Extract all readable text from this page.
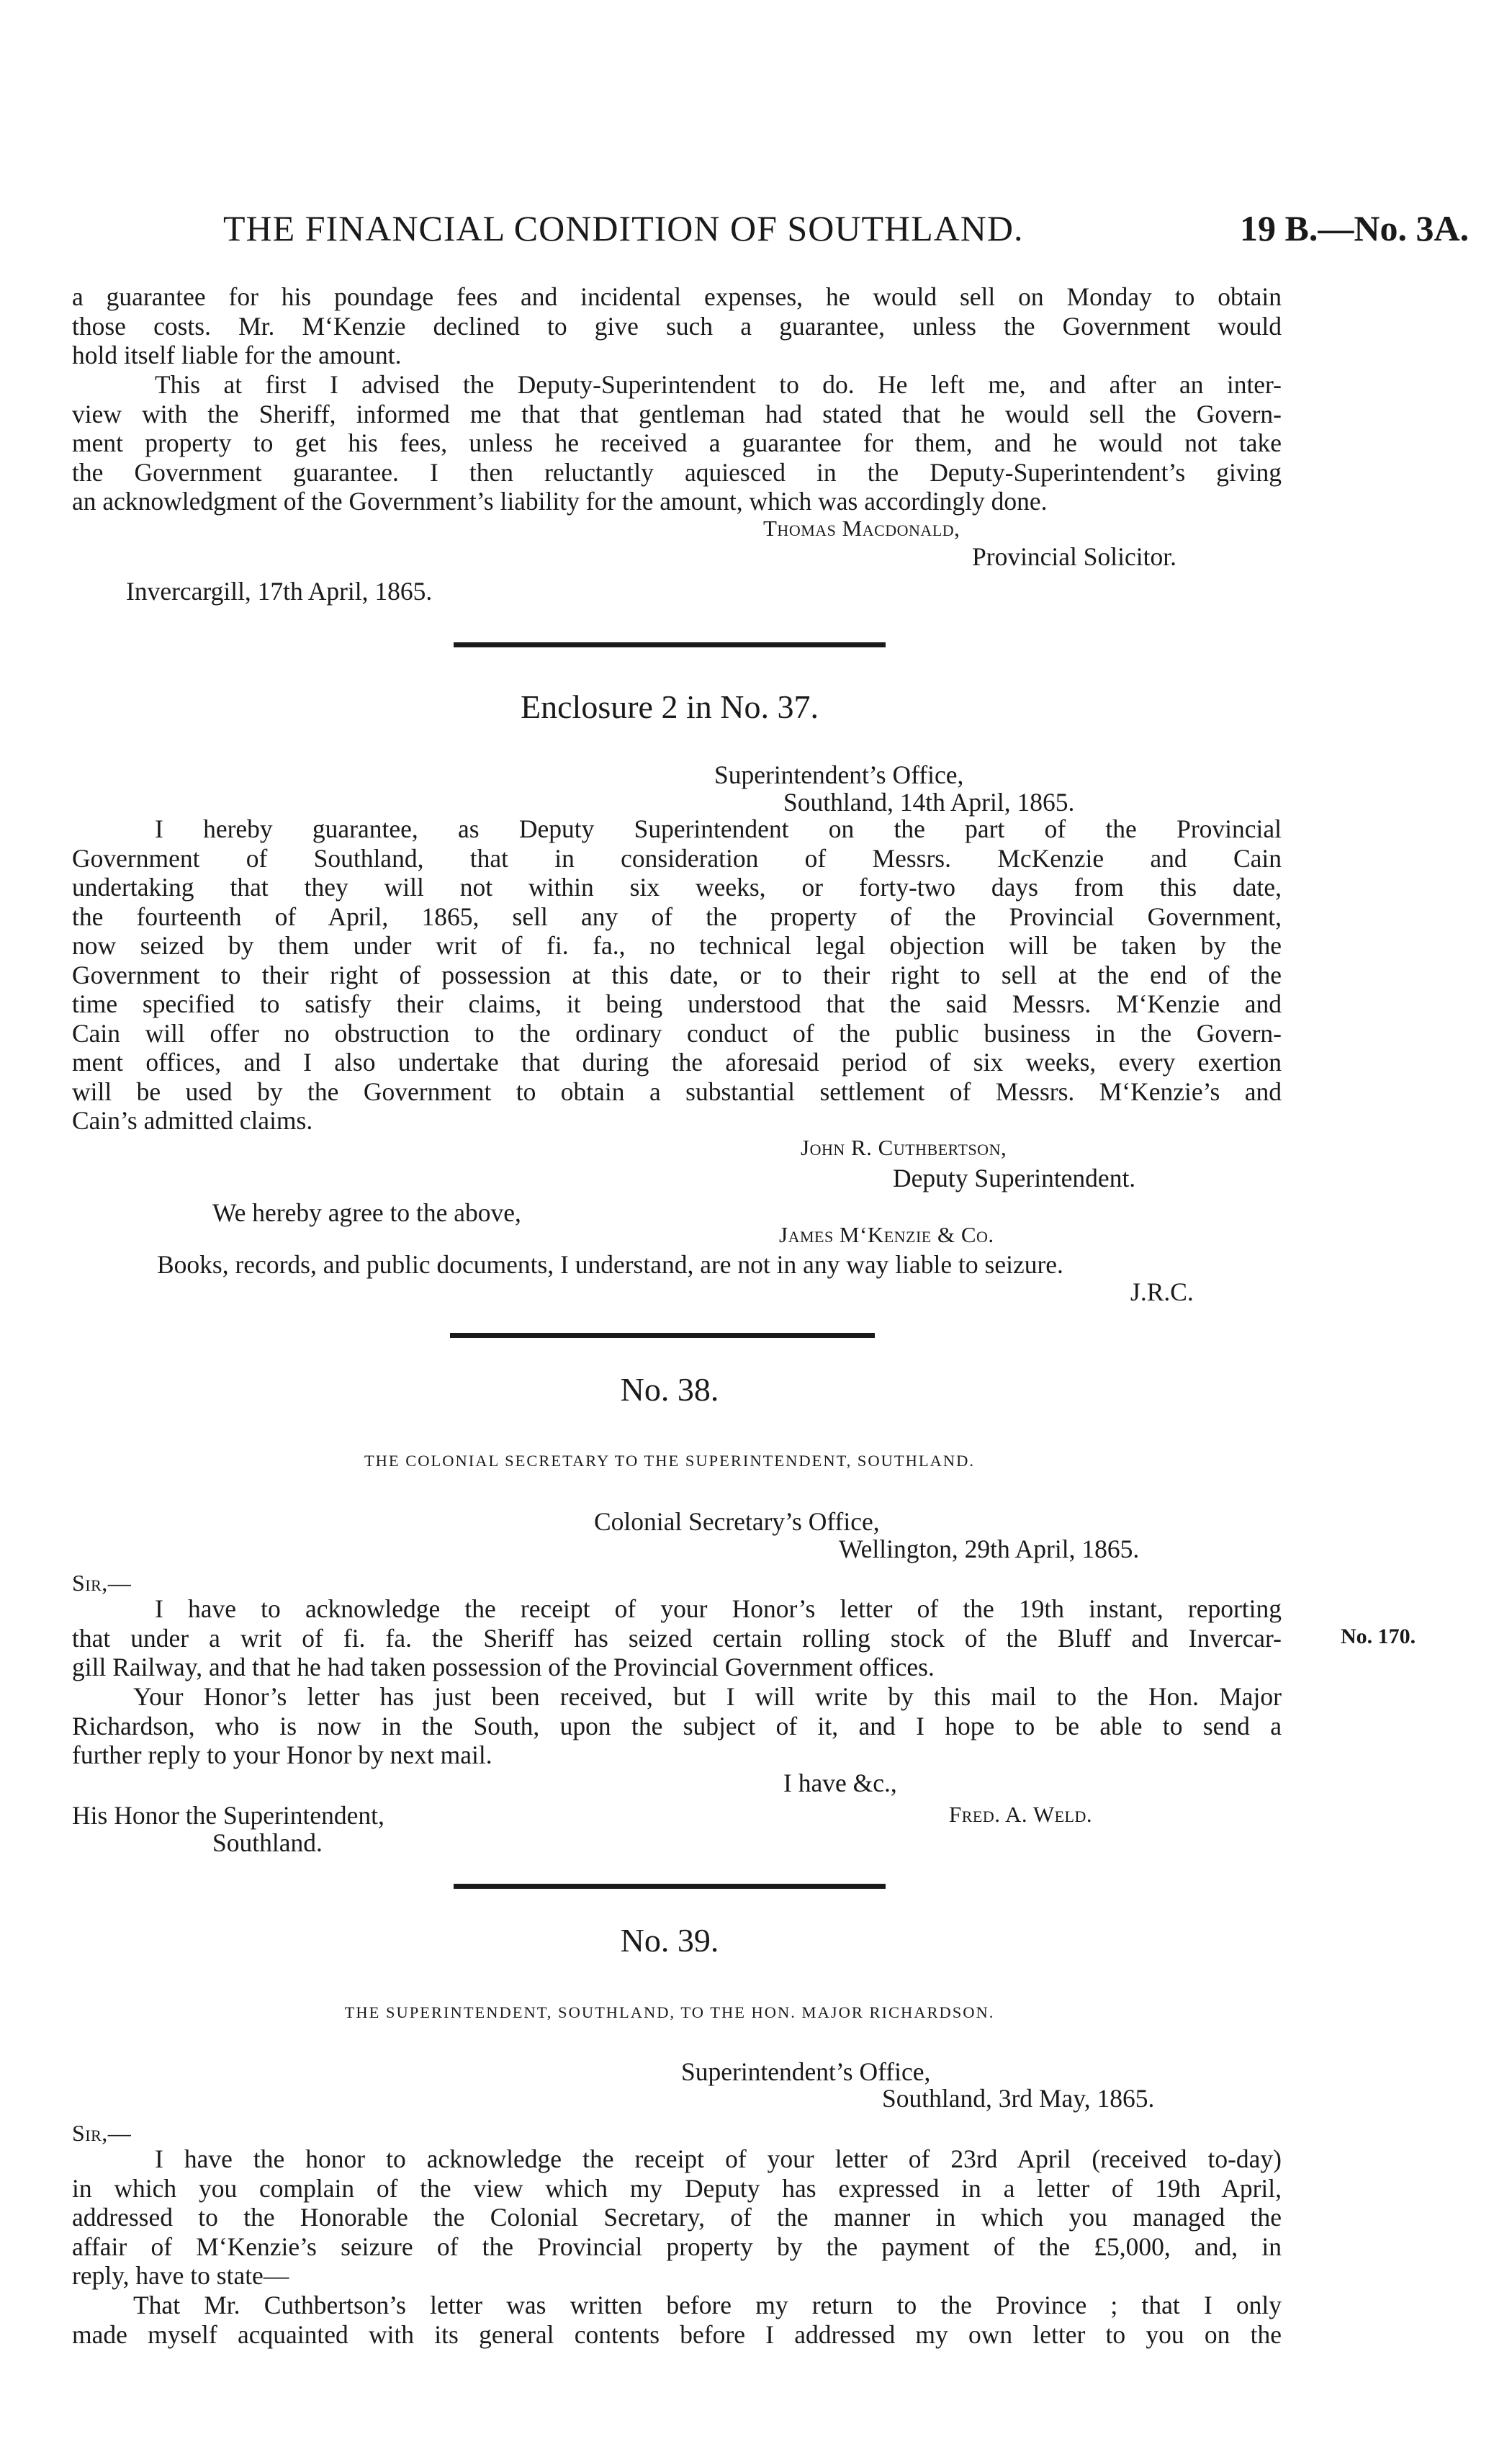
THE FINANCIAL CONDITION OF SOUTHLAND.	19 B.—No. 3A.
a guarantee for his poundage fees and incidental expenses, he would sell on Monday to obtain
those costs. Mr. M‘Kenzie declined to give such a guarantee, unless the Government would
hold itself liable for the amount.
This at first I advised the Deputy-Superintendent to do. He left me, and after an inter-
view with the Sheriff, informed me that that gentleman had stated that he would sell the Govern-
ment property to get his fees, unless he received a guarantee for them, and he would not take
the Government guarantee. I then reluctantly aquiesced in the Deputy-Superintendent’s giving
an acknowledgment of the Government’s liability for the amount, which was accordingly done.
Thomas Macdonald,
Provincial Solicitor.
Invercargill, 17th April, 1865.
Enclosure 2 in No. 37.
Superintendent’s Office,
Southland, 14th April, 1865.
I hereby guarantee, as Deputy Superintendent on the part of the Provincial
Government of Southland, that in consideration of Messrs. McKenzie and Cain
undertaking that they will not within six weeks, or forty-two days from this date,
the fourteenth of April, 1865, sell any of the property of the Provincial Government,
now seized by them under writ of fi. fa., no technical legal objection will be taken by the
Government to their right of possession at this date, or to their right to sell at the end of the
time specified to satisfy their claims, it being understood that the said Messrs. M‘Kenzie and
Cain will offer no obstruction to the ordinary conduct of the public business in the Govern-
ment offices, and I also undertake that during the aforesaid period of six weeks, every exertion
will be used by the Government to obtain a substantial settlement of Messrs. M‘Kenzie’s and
Cain’s admitted claims.
John R. Cuthbertson,
Deputy Superintendent.
We hereby agree to the above,
James M‘Kenzie & Co.
Books, records, and public documents, I understand, are not in any way liable to seizure.
J.R.C.
No. 38.
THE COLONIAL SECRETARY TO THE SUPERINTENDENT, SOUTHLAND.
Colonial Secretary’s Office,
Wellington, 29th April, 1865.
Sir,—
I have to acknowledge the receipt of your Honor’s letter of the 19th instant, reporting
that under a writ of fi. fa. the Sheriff has seized certain rolling stock of the Bluff and Invercar-
gill Railway, and that he had taken possession of the Provincial Government offices.
No. 170.
Your Honor’s letter has just been received, but I will write by this mail to the Hon. Major
Richardson, who is now in the South, upon the subject of it, and I hope to be able to send a
further reply to your Honor by next mail.
I have &c.,
His Honor the Superintendent,
Southland.
Fred. A. Weld.
No. 39.
THE SUPERINTENDENT, SOUTHLAND, TO THE HON. MAJOR RICHARDSON.
Superintendent’s Office,
Southland, 3rd May, 1865.
Sir,—
I have the honor to acknowledge the receipt of your letter of 23rd April (received to-day)
in which you complain of the view which my Deputy has expressed in a letter of 19th April,
addressed to the Honorable the Colonial Secretary, of the manner in which you managed the
affair of M‘Kenzie’s seizure of the Provincial property by the payment of the £5,000, and, in
reply, have to state—
That Mr. Cuthbertson’s letter was written before my return to the Province ; that I only
made myself acquainted with its general contents before I addressed my own letter to you on the
